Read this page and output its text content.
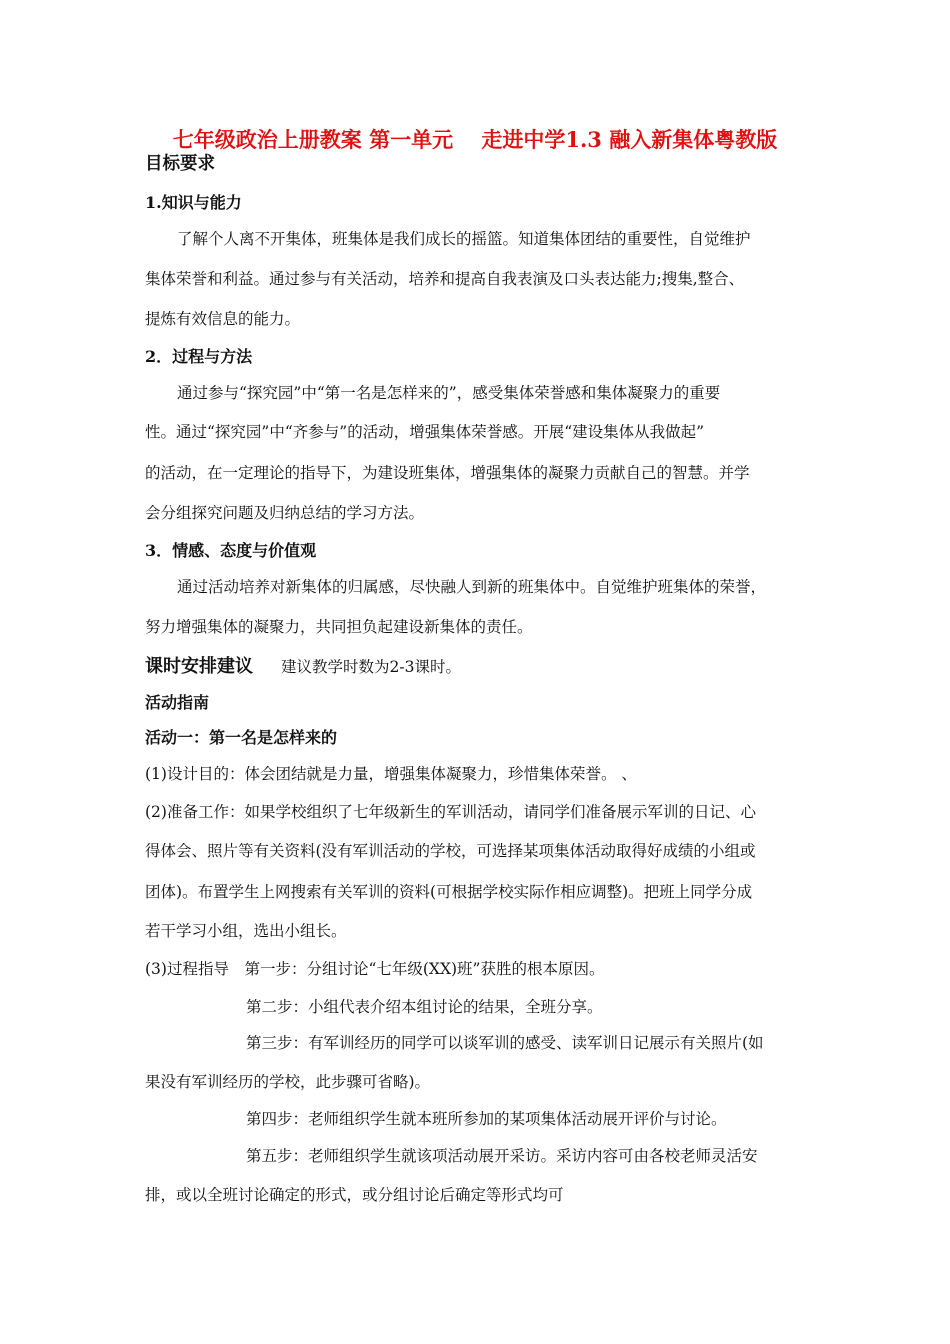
七年级政治上册教案 第一单元　 走进中学1.3 融入新集体粤教版
目标要求
1.知识与能力
了解个人离不开集体，班集体是我们成长的摇篮。知道集体团结的重要性，自觉维护
集体荣誉和利益。通过参与有关活动，培养和提高自我表演及口头表达能力;搜集,整合、
提炼有效信息的能力。
2．过程与方法
通过参与“探究园”中“第一名是怎样来的”，感受集体荣誉感和集体凝聚力的重要
性。通过“探究园”中“齐参与”的活动，增强集体荣誉感。开展“建设集体从我做起”
的活动，在一定理论的指导下，为建设班集体，增强集体的凝聚力贡献自己的智慧。并学
会分组探究问题及归纳总结的学习方法。
3．情感、态度与价值观
通过活动培养对新集体的归属感，尽快融人到新的班集体中。自觉维护班集体的荣誉，
努力增强集体的凝聚力，共同担负起建设新集体的责任。
课时安排建议 建议教学时数为2-3课时。
活动指南
活动一：第一名是怎样来的
(1)设计目的：体会团结就是力量，增强集体凝聚力，珍惜集体荣誉。 、
(2)准备工作：如果学校组织了七年级新生的军训活动，请同学们准备展示军训的日记、心
得体会、照片等有关资料(没有军训活动的学校，可选择某项集体活动取得好成绩的小组或
团体)。布置学生上网搜索有关军训的资料(可根据学校实际作相应调整)。把班上同学分成
若干学习小组，选出小组长。
(3)过程指导　第一步：分组讨论“七年级(XX)班”获胜的根本原因。
第二步：小组代表介绍本组讨论的结果，全班分享。
第三步：有军训经历的同学可以谈军训的感受、读军训日记展示有关照片(如
果没有军训经历的学校，此步骤可省略)。
第四步：老师组织学生就本班所参加的某项集体活动展开评价与讨论。
第五步：老师组织学生就该项活动展开采访。采访内容可由各校老师灵活安
排，或以全班讨论确定的形式，或分组讨论后确定等形式均可
